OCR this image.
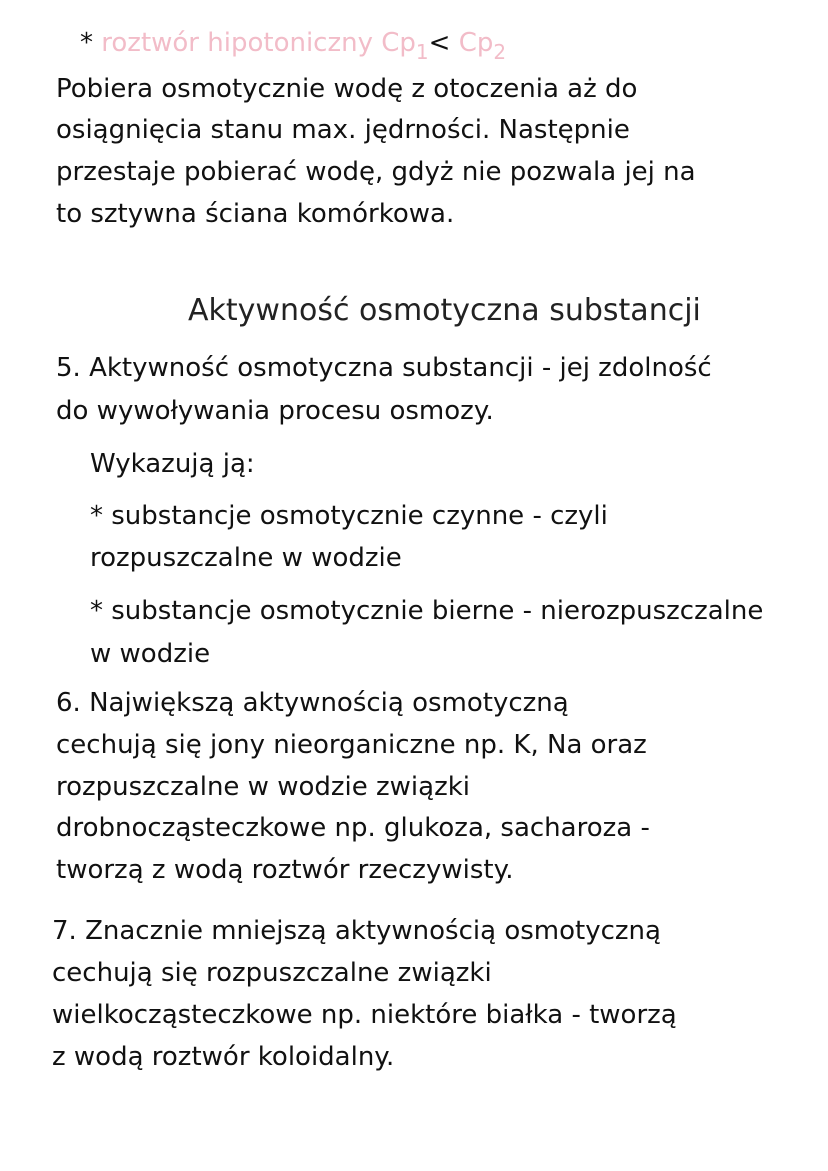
* roztwór hipotoniczny $Cp_1< Cp_2$
Pobiera osmotycznie wodę z otoczenia aż do
osiągnięcia stanu max. jędrności. Następnie
przestaje pobierać wodę, gdyż nie pozwala jej na
to sztywna ściana komórkowa.
Aktywność osmotyczna substancji
5. Aktywność osmotyczna substancji - jej zdolność
do wywoływania procesu osmozy.
Wykazują ją:
* substancje osmotycznie czynne - czyli
rozpuszczalne w wodzie
* substancje osmotycznie bierne - nierozpuszczalne
w wodzie
6. Największą aktywnością osmotyczną
cechują się jony nieorganiczne np. K, Na oraz
rozpuszczalne w wodzie związki
drobnocząsteczkowe np. glukoza, sacharoza -
tworzą z wodą roztwór rzeczywisty.
7. Znacznie mniejszą aktywnością osmotyczną
cechują się rozpuszczalne związki
wielkocząsteczkowe np. niektóre białka - tworzą
z wodą roztwór koloidalny.
